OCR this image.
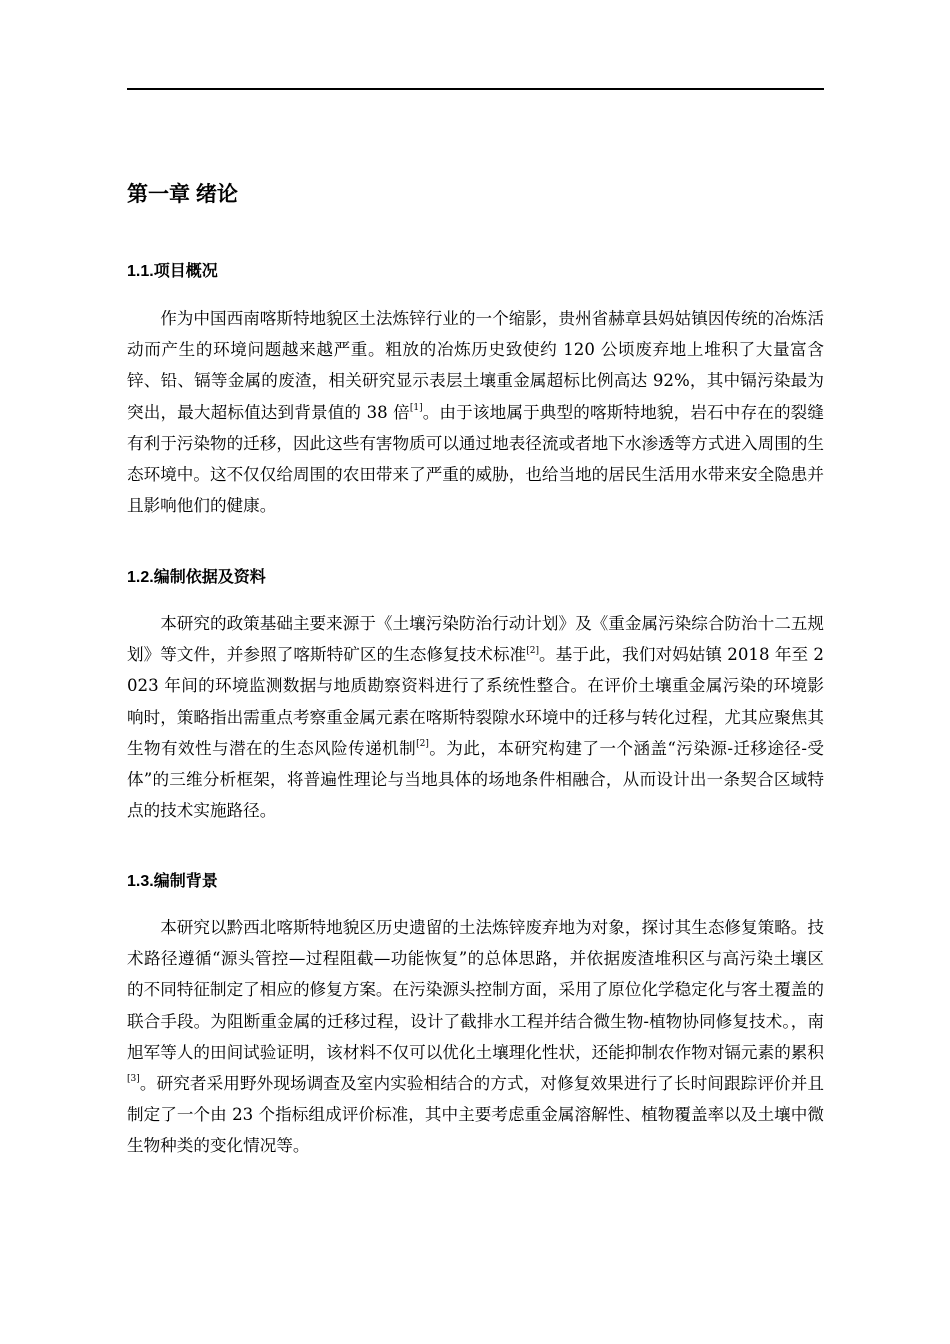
第一章 绪论
1.1.项目概况

作为中国西南喀斯特地貌区土法炼锌行业的一个缩影，贵州省赫章县妈姑镇因传统的冶炼活动而产生的环境问题越来越严重。粗放的冶炼历史致使约 120 公顷废弃地上堆积了大量富含锌、铅、镉等金属的废渣，相关研究显示表层土壤重金属超标比例高达 92%，其中镉污染最为突出，最大超标值达到背景值的 38 倍[1]。由于该地属于典型的喀斯特地貌，岩石中存在的裂缝有利于污染物的迁移，因此这些有害物质可以通过地表径流或者地下水渗透等方式进入周围的生态环境中。这不仅仅给周围的农田带来了严重的威胁，也给当地的居民生活用水带来安全隐患并且影响他们的健康。

1.2.编制依据及资料

本研究的政策基础主要来源于《土壤污染防治行动计划》及《重金属污染综合防治十二五规划》等文件，并参照了喀斯特矿区的生态修复技术标准[2]。基于此，我们对妈姑镇 2018 年至 2023 年间的环境监测数据与地质勘察资料进行了系统性整合。在评价土壤重金属污染的环境影响时，策略指出需重点考察重金属元素在喀斯特裂隙水环境中的迁移与转化过程，尤其应聚焦其生物有效性与潜在的生态风险传递机制[2]。为此，本研究构建了一个涵盖“污染源-迁移途径-受体”的三维分析框架，将普遍性理论与当地具体的场地条件相融合，从而设计出一条契合区域特点的技术实施路径。

1.3.编制背景

本研究以黔西北喀斯特地貌区历史遗留的土法炼锌废弃地为对象，探讨其生态修复策略。技术路径遵循“源头管控—过程阻截—功能恢复”的总体思路，并依据废渣堆积区与高污染土壤区的不同特征制定了相应的修复方案。在污染源头控制方面，采用了原位化学稳定化与客土覆盖的联合手段。为阻断重金属的迁移过程，设计了截排水工程并结合微生物-植物协同修复技术。，南旭军等人的田间试验证明，该材料不仅可以优化土壤理化性状，还能抑制农作物对镉元素的累积[3]。研究者采用野外现场调查及室内实验相结合的方式，对修复效果进行了长时间跟踪评价并且制定了一个由 23 个指标组成评价标准，其中主要考虑重金属溶解性、植物覆盖率以及土壤中微生物种类的变化情况等。
